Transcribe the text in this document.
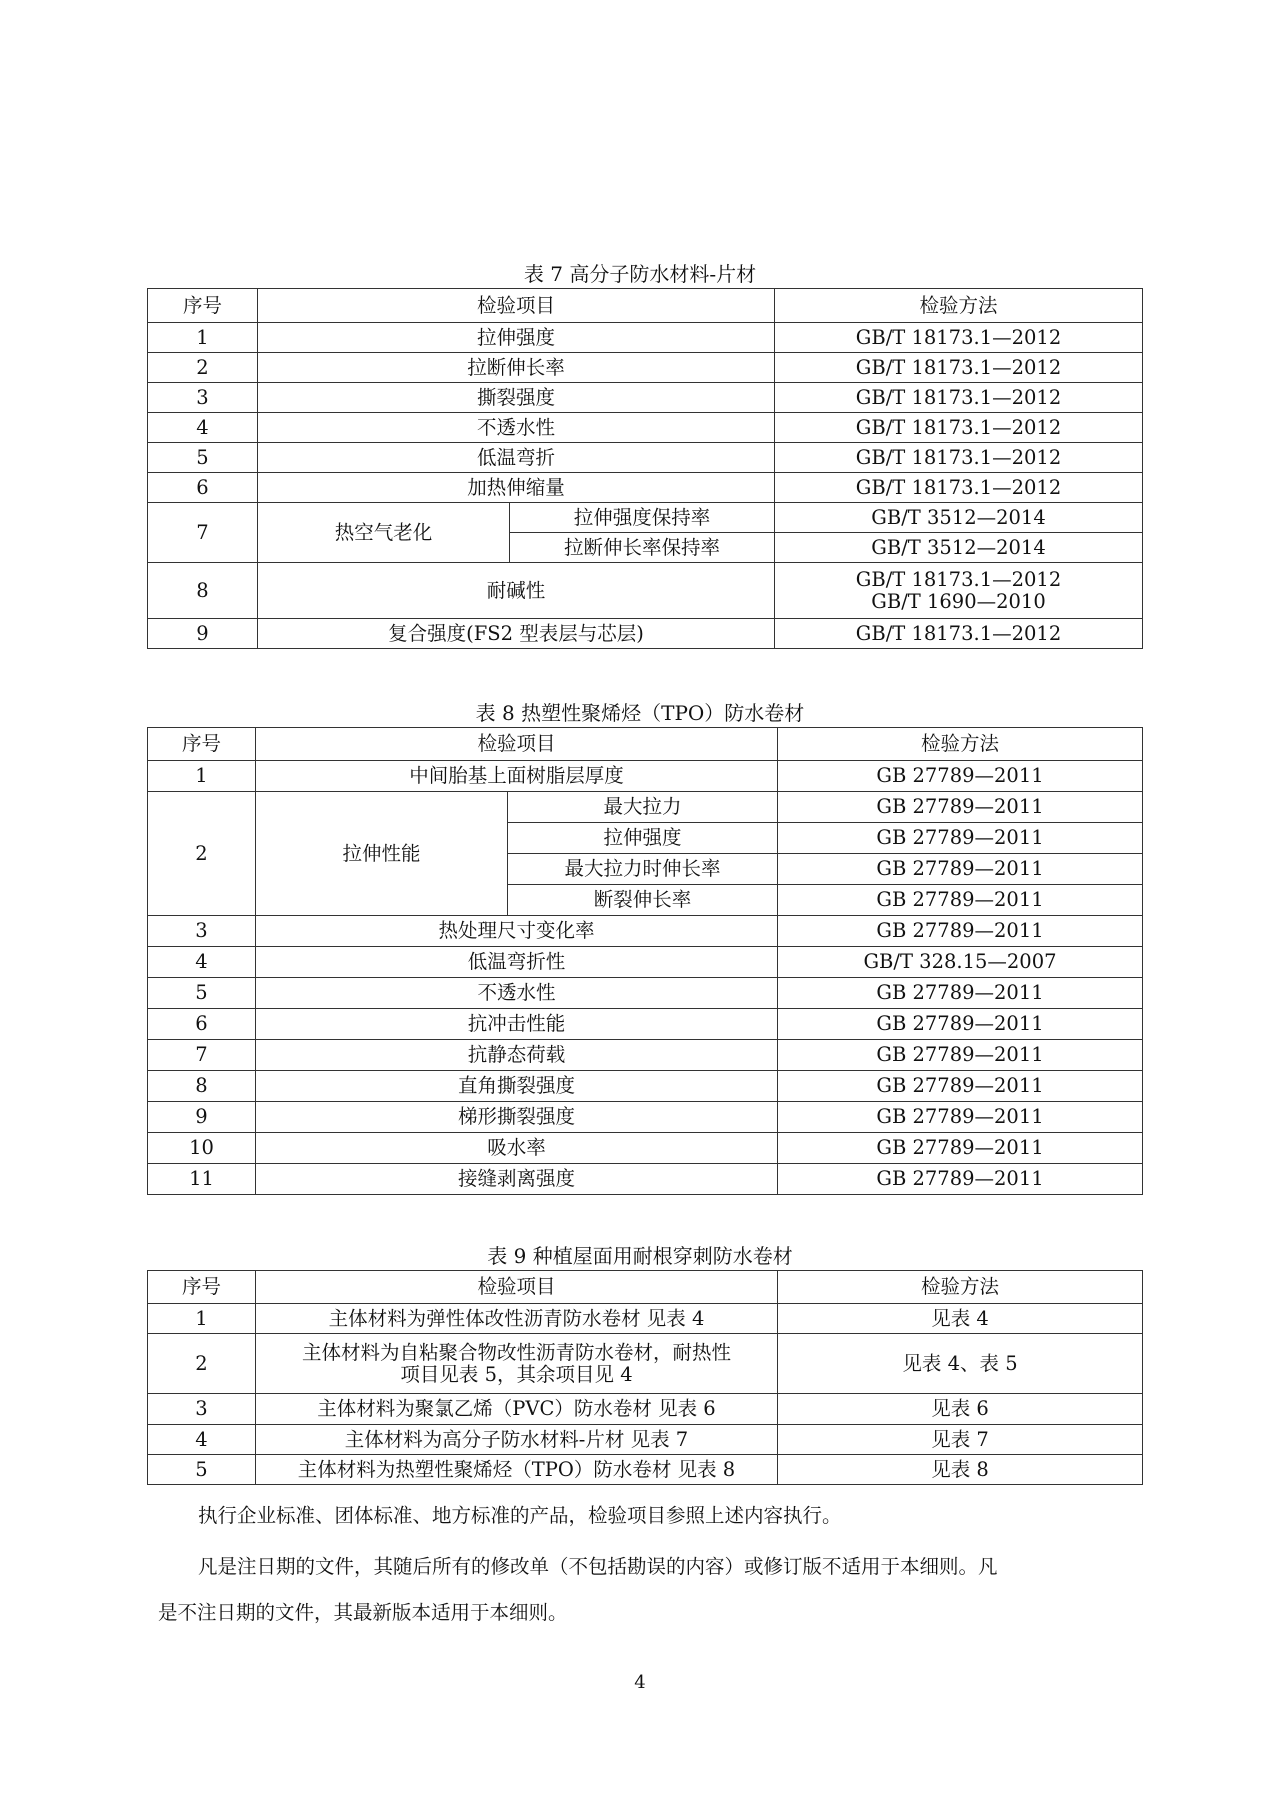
表 7 高分子防水材料-片材
序号	检验项目		检验方法
1	拉伸强度		GB/T 18173.1—2012
2	拉断伸长率		GB/T 18173.1—2012
3	撕裂强度		GB/T 18173.1—2012
4	不透水性		GB/T 18173.1—2012
5	低温弯折		GB/T 18173.1—2012
6	加热伸缩量		GB/T 18173.1—2012
7	热空气老化	拉伸强度保持率	GB/T 3512—2014
		拉断伸长率保持率	GB/T 3512—2014
8	耐碱性		GB/T 18173.1—2012
GB/T 1690—2010

9	复合强度(FS2 型表层与芯层)		GB/T 18173.1—2012
表 8 热塑性聚烯烃（TPO）防水卷材
序号	检验项目		检验方法
1	中间胎基上面树脂层厚度		GB 27789—2011
2	拉伸性能	最大拉力	GB 27789—2011
		拉伸强度	GB 27789—2011
		最大拉力时伸长率	GB 27789—2011
		断裂伸长率	GB 27789—2011
3	热处理尺寸变化率		GB 27789—2011
4	低温弯折性		GB/T 328.15—2007
5	不透水性		GB 27789—2011
6	抗冲击性能		GB 27789—2011
7	抗静态荷载		GB 27789—2011
8	直角撕裂强度		GB 27789—2011
9	梯形撕裂强度		GB 27789—2011
10	吸水率		GB 27789—2011
11	接缝剥离强度		GB 27789—2011
表 9 种植屋面用耐根穿刺防水卷材
序号	检验项目	检验方法
1	主体材料为弹性体改性沥青防水卷材 见表 4	见表 4
2	主体材料为自粘聚合物改性沥青防水卷材，耐热性
项目见表 5，其余项目见 4	见表 4、表 5
3	主体材料为聚氯乙烯（PVC）防水卷材 见表 6	见表 6
4	主体材料为高分子防水材料-片材 见表 7	见表 7
5	主体材料为热塑性聚烯烃（TPO）防水卷材 见表 8	见表 8
执行企业标准、团体标准、地方标准的产品，检验项目参照上述内容执行。
凡是注日期的文件，其随后所有的修改单（不包括勘误的内容）或修订版不适用于本细则。凡
是不注日期的文件，其最新版本适用于本细则。
4
